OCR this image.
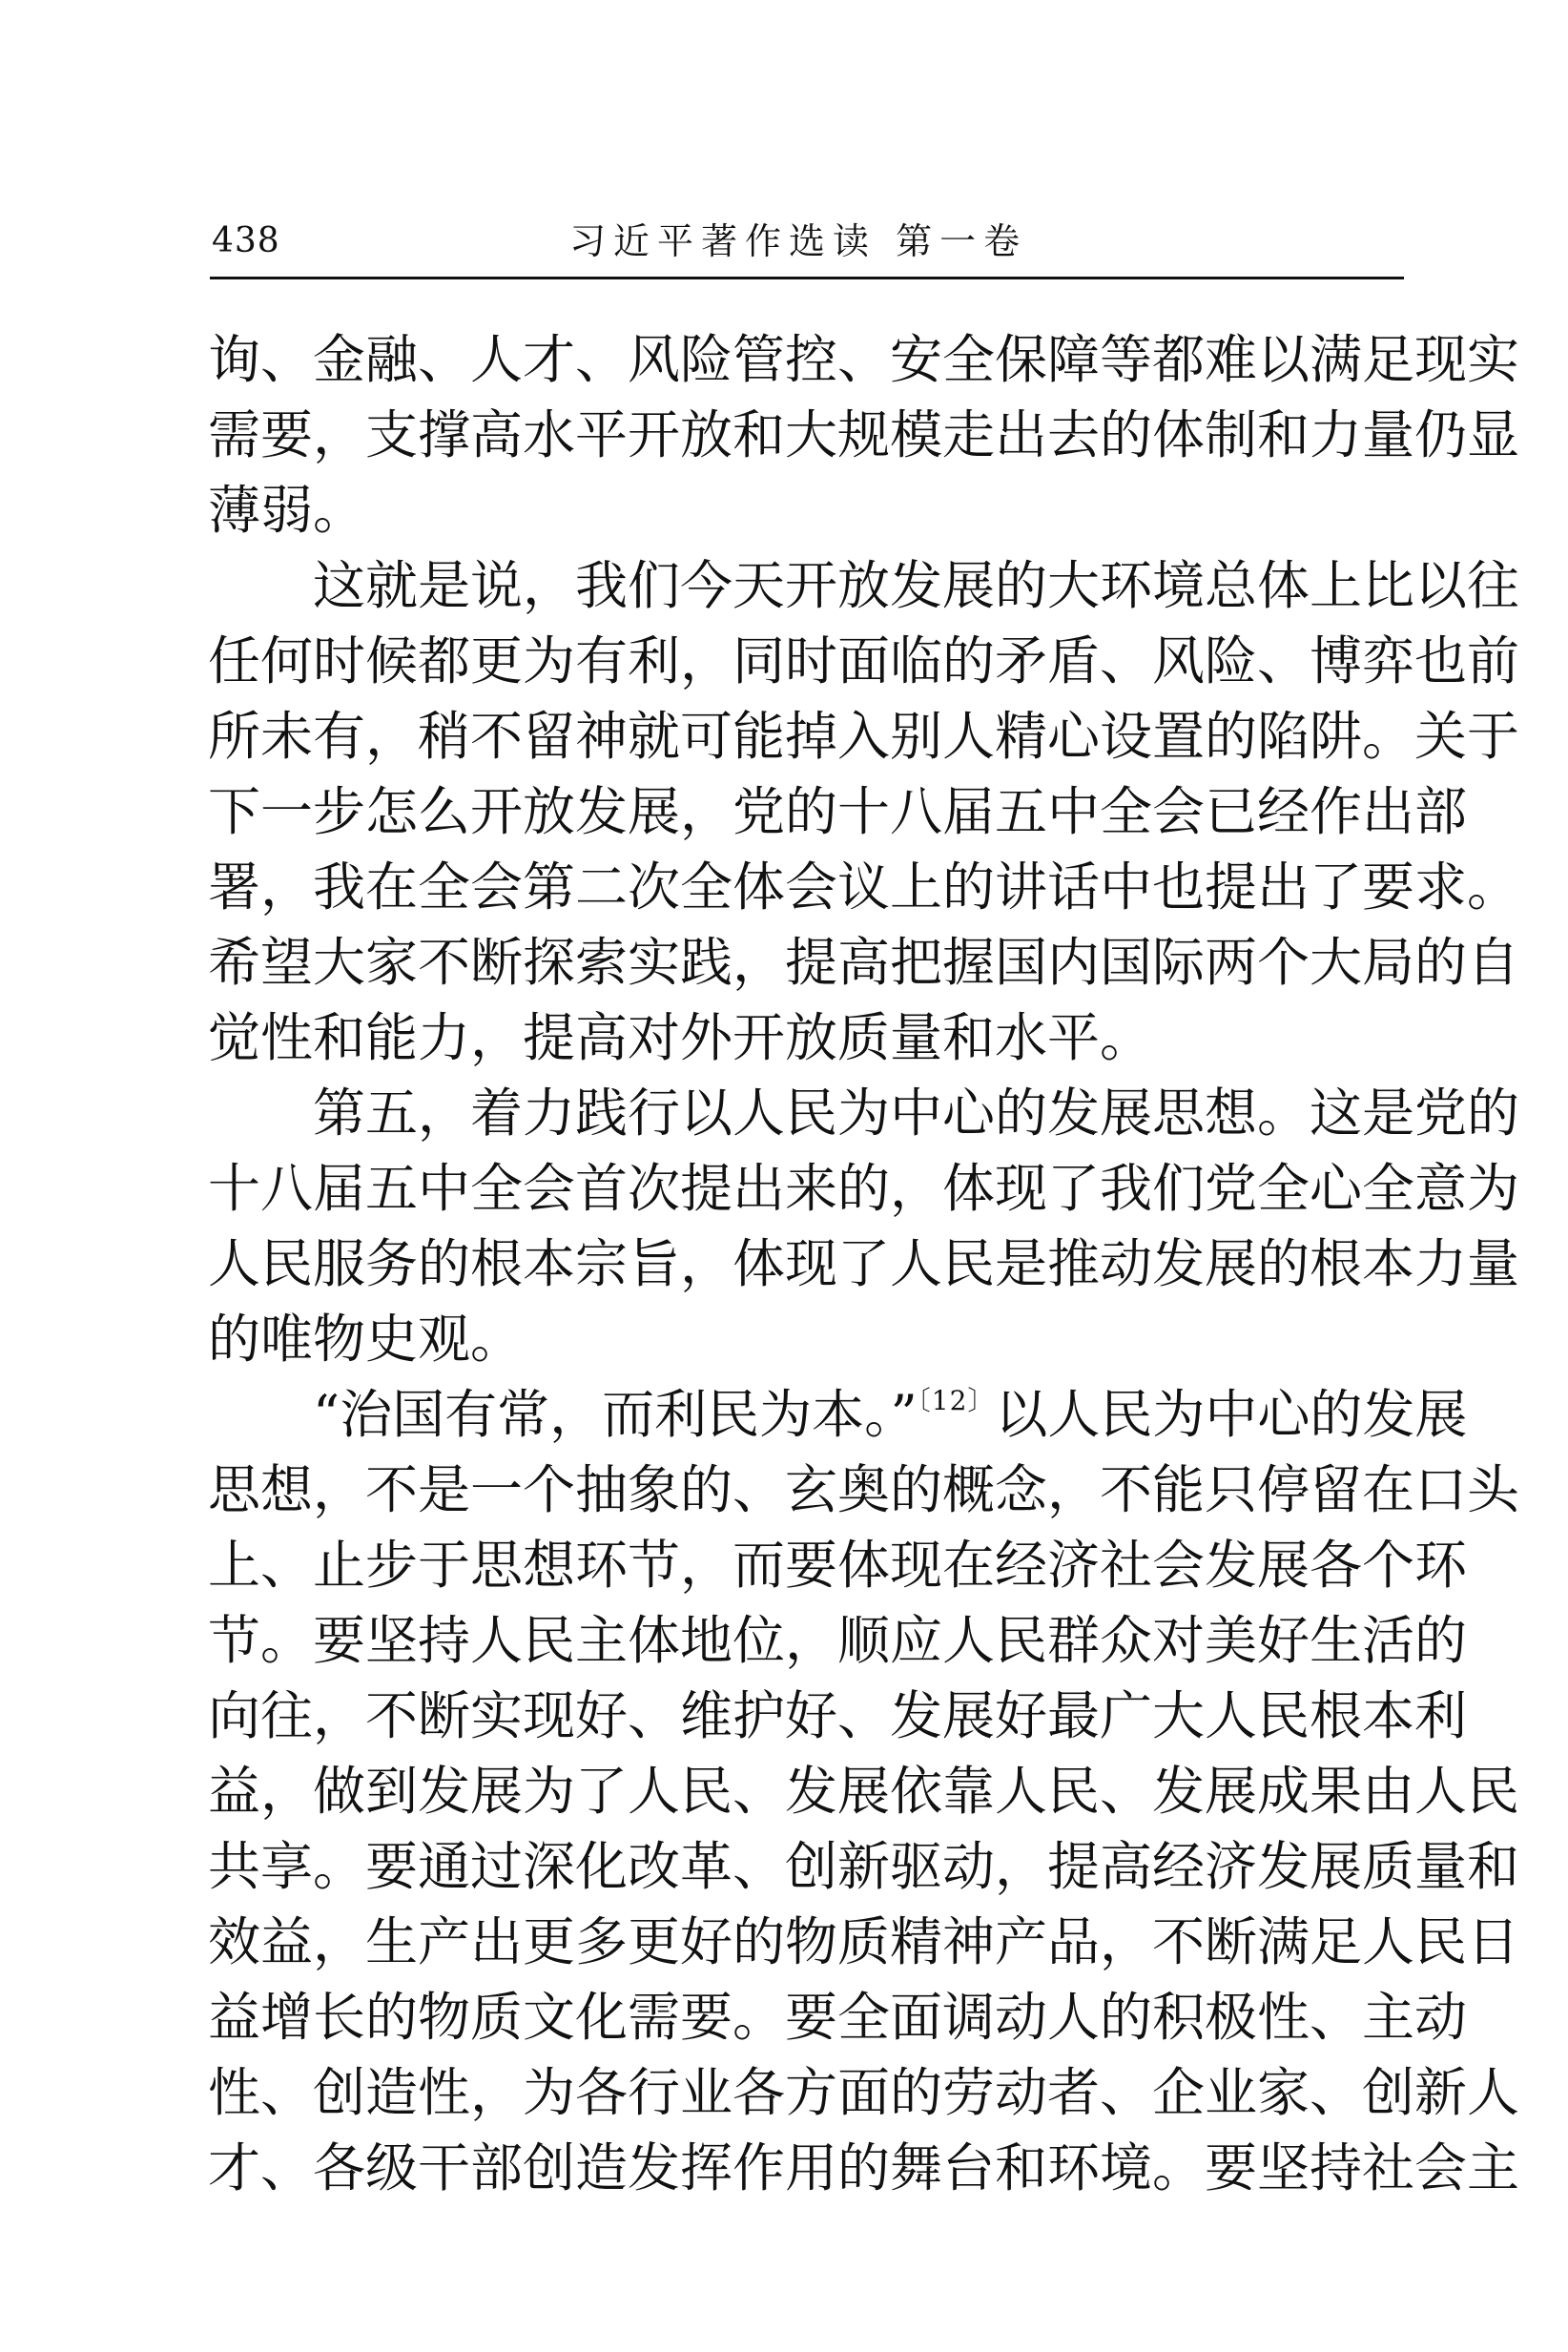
438	习近平著作选读 第一卷
询、金融、人才、风险管控、安全保障等都难以满足现实
需要，支撑高水平开放和大规模走出去的体制和力量仍显
薄弱。
这就是说，我们今天开放发展的大环境总体上比以往
任何时候都更为有利，同时面临的矛盾、风险、博弈也前
所未有，稍不留神就可能掉入别人精心设置的陷阱。关于
下一步怎么开放发展，党的十八届五中全会已经作出部
署，我在全会第二次全体会议上的讲话中也提出了要求。
希望大家不断探索实践，提高把握国内国际两个大局的自
觉性和能力，提高对外开放质量和水平。
第五，着力践行以人民为中心的发展思想。这是党的
十八届五中全会首次提出来的，体现了我们党全心全意为
人民服务的根本宗旨，体现了人民是推动发展的根本力量
的唯物史观。
“治国有常，而利民为本。”$^{〔12〕}$以人民为中心的发展
思想，不是一个抽象的、玄奥的概念，不能只停留在口头
上、止步于思想环节，而要体现在经济社会发展各个环
节。要坚持人民主体地位，顺应人民群众对美好生活的
向往，不断实现好、维护好、发展好最广大人民根本利
益，做到发展为了人民、发展依靠人民、发展成果由人民
共享。要通过深化改革、创新驱动，提高经济发展质量和
效益，生产出更多更好的物质精神产品，不断满足人民日
益增长的物质文化需要。要全面调动人的积极性、主动
性、创造性，为各行业各方面的劳动者、企业家、创新人
才、各级干部创造发挥作用的舞台和环境。要坚持社会主
